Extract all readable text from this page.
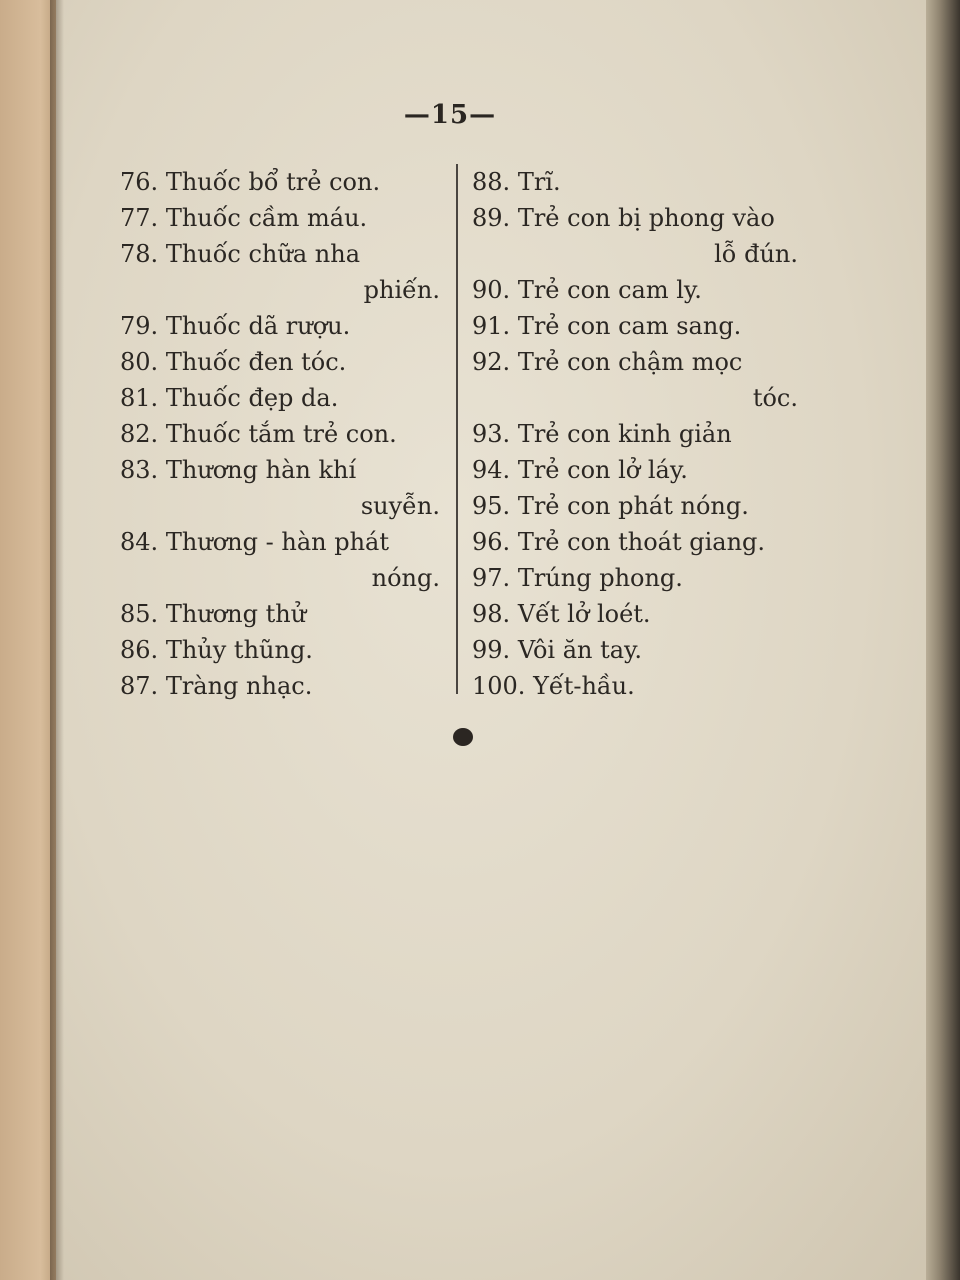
—15—
76. Thuốc bổ trẻ con.
77. Thuốc cầm máu.
78. Thuốc chữa nha
phiến.
79. Thuốc dã rượu.
80. Thuốc đen tóc.
81. Thuốc đẹp da.
82. Thuốc tắm trẻ con.
83. Thương hàn khí
suyễn.
84. Thương - hàn phát
nóng.
85. Thương thử
86. Thủy thũng.
87. Tràng nhạc.
88. Trĩ.
89. Trẻ con bị phong vào
lỗ đún.
90. Trẻ con cam ly.
91. Trẻ con cam sang.
92. Trẻ con chậm mọc
tóc.
93. Trẻ con kinh giản
94. Trẻ con lở láy.
95. Trẻ con phát nóng.
96. Trẻ con thoát giang.
97. Trúng phong.
98. Vết lở loét.
99. Vôi ăn tay.
100. Yết-hầu.
